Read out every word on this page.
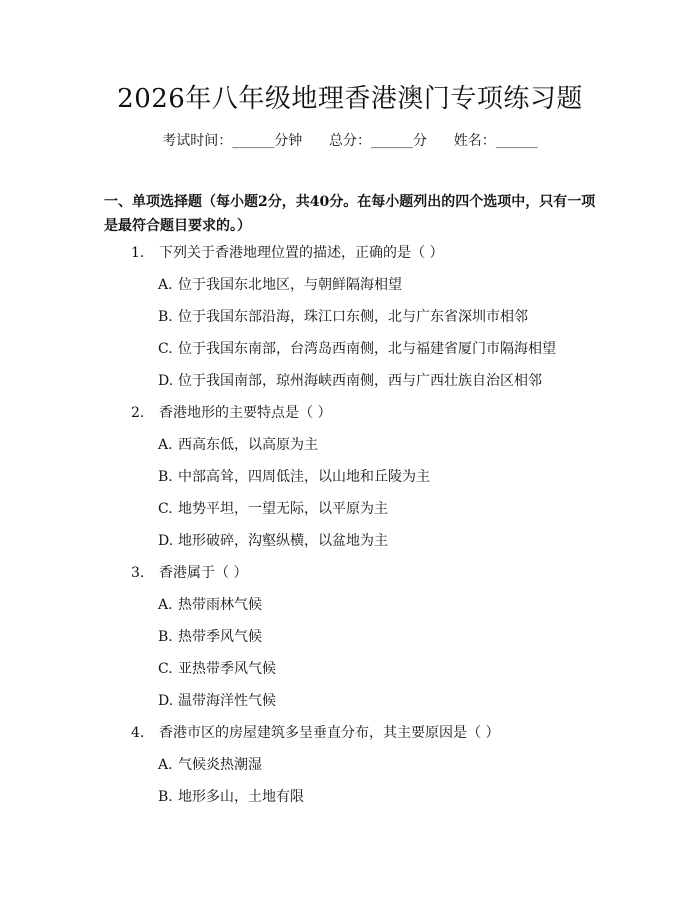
2026年八年级地理香港澳门专项练习题
考试时间：______分钟 总分：______分 姓名：______
一、单项选择题（每小题2分，共40分。在每小题列出的四个选项中，只有一项是最符合题目要求的。）
1. 下列关于香港地理位置的描述，正确的是（ ）
A. 位于我国东北地区，与朝鲜隔海相望
B. 位于我国东部沿海，珠江口东侧，北与广东省深圳市相邻
C. 位于我国东南部，台湾岛西南侧，北与福建省厦门市隔海相望
D. 位于我国南部，琼州海峡西南侧，西与广西壮族自治区相邻
2. 香港地形的主要特点是（ ）
A. 西高东低，以高原为主
B. 中部高耸，四周低洼，以山地和丘陵为主
C. 地势平坦，一望无际，以平原为主
D. 地形破碎，沟壑纵横，以盆地为主
3. 香港属于（ ）
A. 热带雨林气候
B. 热带季风气候
C. 亚热带季风气候
D. 温带海洋性气候
4. 香港市区的房屋建筑多呈垂直分布，其主要原因是（ ）
A. 气候炎热潮湿
B. 地形多山，土地有限
